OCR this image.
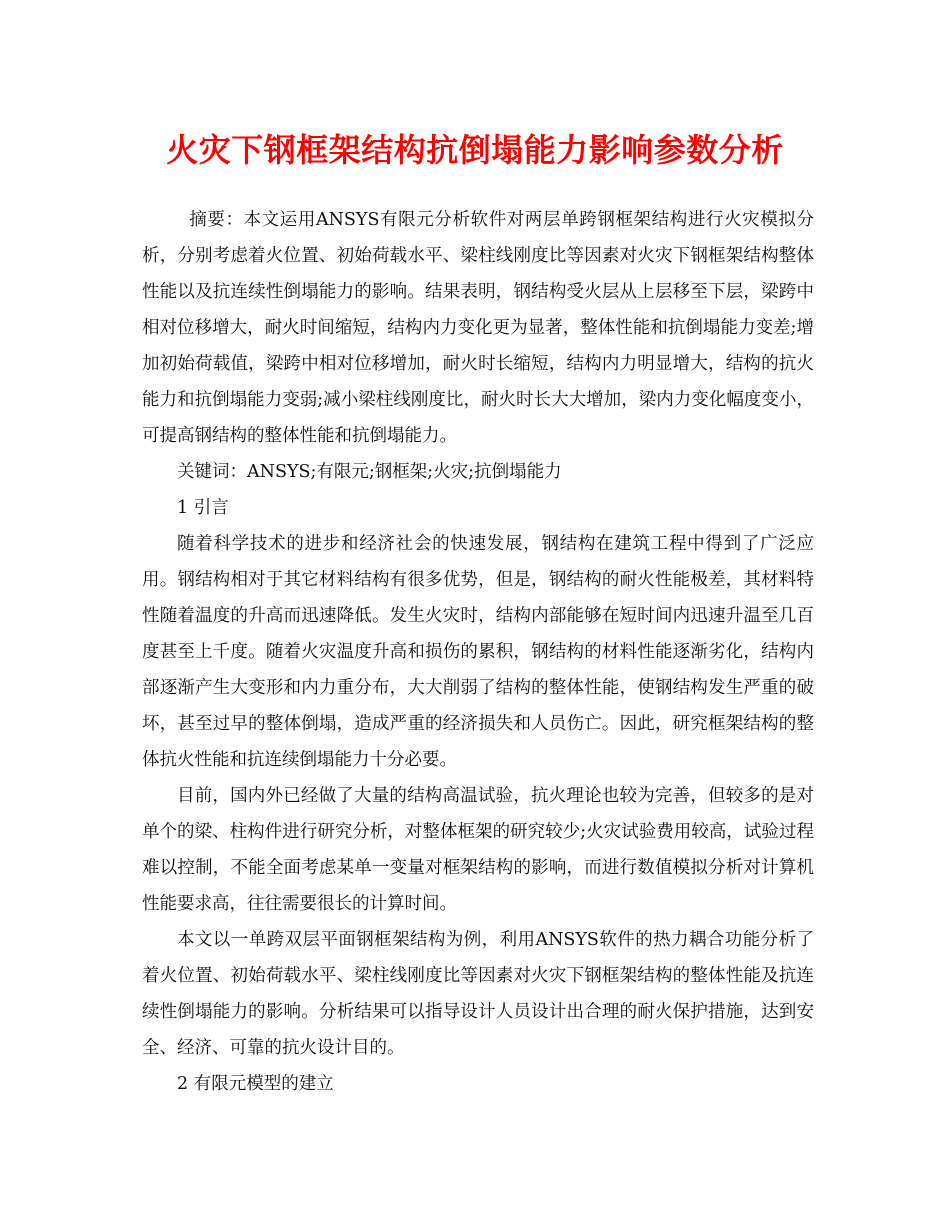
火灾下钢框架结构抗倒塌能力影响参数分析

摘要：本文运用ANSYS有限元分析软件对两层单跨钢框架结构进行火灾模拟分析，分别考虑着火位置、初始荷载水平、梁柱线刚度比等因素对火灾下钢框架结构整体性能以及抗连续性倒塌能力的影响。结果表明，钢结构受火层从上层移至下层，梁跨中相对位移增大，耐火时间缩短，结构内力变化更为显著，整体性能和抗倒塌能力变差;增加初始荷载值，梁跨中相对位移增加，耐火时长缩短，结构内力明显增大，结构的抗火能力和抗倒塌能力变弱;减小梁柱线刚度比，耐火时长大大增加，梁内力变化幅度变小，可提高钢结构的整体性能和抗倒塌能力。

关键词：ANSYS;有限元;钢框架;火灾;抗倒塌能力

1 引言

随着科学技术的进步和经济社会的快速发展，钢结构在建筑工程中得到了广泛应用。钢结构相对于其它材料结构有很多优势，但是，钢结构的耐火性能极差，其材料特性随着温度的升高而迅速降低。发生火灾时，结构内部能够在短时间内迅速升温至几百度甚至上千度。随着火灾温度升高和损伤的累积，钢结构的材料性能逐渐劣化，结构内部逐渐产生大变形和内力重分布，大大削弱了结构的整体性能，使钢结构发生严重的破坏，甚至过早的整体倒塌，造成严重的经济损失和人员伤亡。因此，研究框架结构的整体抗火性能和抗连续倒塌能力十分必要。

目前，国内外已经做了大量的结构高温试验，抗火理论也较为完善，但较多的是对单个的梁、柱构件进行研究分析，对整体框架的研究较少;火灾试验费用较高，试验过程难以控制，不能全面考虑某单一变量对框架结构的影响，而进行数值模拟分析对计算机性能要求高，往往需要很长的计算时间。

本文以一单跨双层平面钢框架结构为例，利用ANSYS软件的热力耦合功能分析了着火位置、初始荷载水平、梁柱线刚度比等因素对火灾下钢框架结构的整体性能及抗连续性倒塌能力的影响。分析结果可以指导设计人员设计出合理的耐火保护措施，达到安全、经济、可靠的抗火设计目的。

2 有限元模型的建立
